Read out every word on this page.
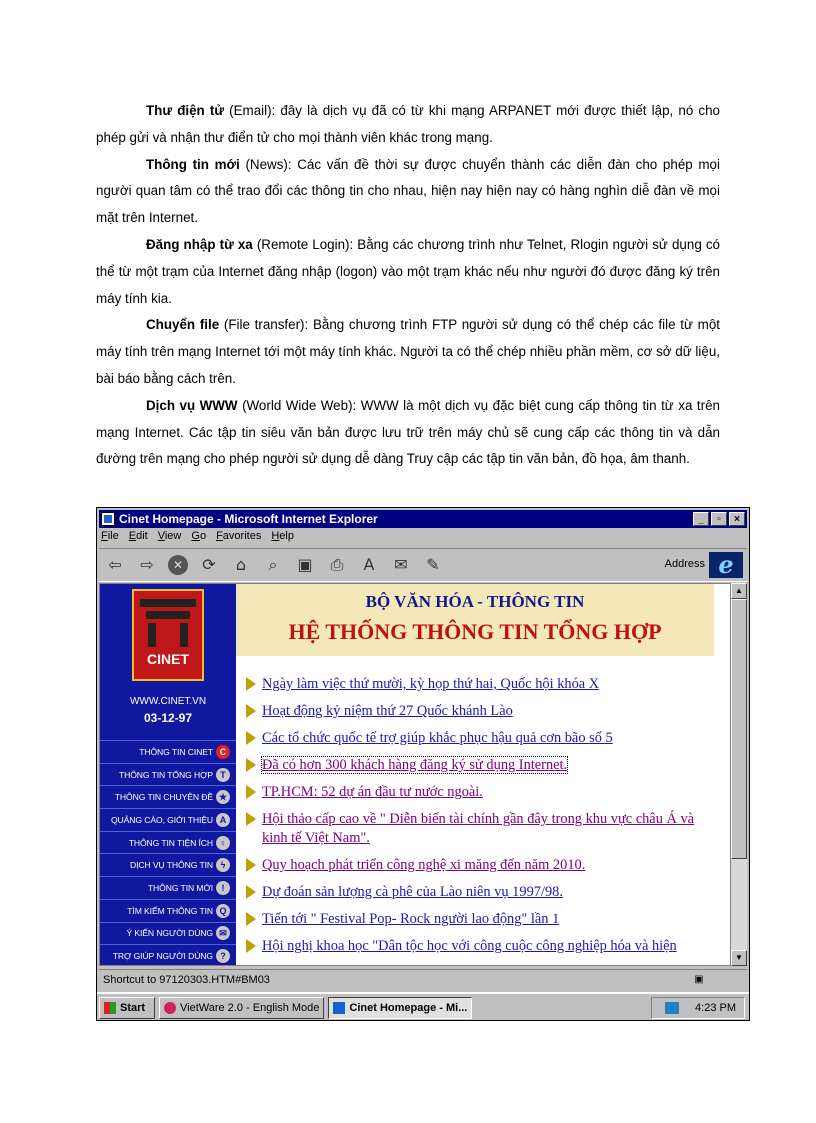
Thư điện tử (Email): đây là dịch vụ đã có từ khi mạng ARPANET mới được thiết lập, nó cho phép gửi và nhận thư điển tử cho mọi thành viên khác trong mạng.

Thông tin mới (News): Các vấn đề thời sự được chuyển thành các diễn đàn cho phép mọi người quan tâm có thể trao đổi các thông tin cho nhau, hiện nay hiện nay có hàng nghìn diễ đàn về mọi mặt trên Internet.

Đăng nhập từ xa (Remote Login): Bằng các chương trình như Telnet, Rlogin người sử dụng có thể từ một trạm của Internet đăng nhập (logon) vào một trạm khác nếu như người đó được đăng ký trên máy tính kia.

Chuyển file (File transfer): Bằng chương trình FTP người sử dụng có thể chép các file từ một máy tính trên mạng Internet tới một máy tính khác. Người ta có thể chép nhiều phần mềm, cơ sở dữ liệu, bài báo bằng cách trên.

Dịch vụ WWW (World Wide Web): WWW là một dịch vụ đặc biệt cung cấp thông tin từ xa trên mạng Internet. Các tập tin siêu văn bản được lưu trữ trên máy chủ sẽ cung cấp các thông tin và dẫn đường trên mạng cho phép người sử dụng dễ dàng Truy cập các tập tin văn bản, đồ họa, âm thanh.

Cinet Homepage - Microsoft Internet Explorer	_	▫	×
File Edit View Go Favorites Help
⇦ ⇨	✕	⟳	⌂	⌕	▣ ⎙	A	✉ ✎	Address e
CINET
WWW.CINET.VN
03-12-97
THÔNG TIN CINET C
THÔNG TIN TỔNG HỢP T
THÔNG TIN CHUYÊN ĐỀ ★
QUẢNG CÁO, GIỚI THIỆU A
THÔNG TIN TIỆN ÍCH ♀
DỊCH VỤ THÔNG TIN ϟ
THÔNG TIN MỚI !
TÌM KIẾM THÔNG TIN Q
Ý KIẾN NGƯỜI DÙNG ✉
TRỢ GIÚP NGƯỜI DÙNG ?
BỘ VĂN HÓA - THÔNG TIN
HỆ THỐNG THÔNG TIN TỔNG HỢP
Ngày làm việc thứ mười, kỳ họp thứ hai, Quốc hội khóa X
Hoạt động kỷ niệm thứ 27 Quốc khánh Lào
Các tổ chức quốc tế trợ giúp khắc phục hậu quả cơn bão số 5
Đã có hơn 300 khách hàng đăng ký sử dụng Internet.
TP.HCM: 52 dự án đầu tư nước ngoài.
Hội thảo cấp cao về " Diễn biến tài chính gần đây trong khu vực châu Á và kinh tế Việt Nam".
Quy hoạch phát triển công nghệ xi măng đến năm 2010.
Dự đoán sản lượng cà phê của Lào niên vụ 1997/98.
Tiến tới " Festival Pop- Rock người lao động" lần 1
Hội nghị khoa học "Dân tộc học với công cuộc công nghiệp hóa và hiện
▲
▼
Shortcut to 97120303.HTM#BM03	▣
Start	VietWare 2.0 - English Mode	Cinet Homepage - Mi...	4:23 PM
